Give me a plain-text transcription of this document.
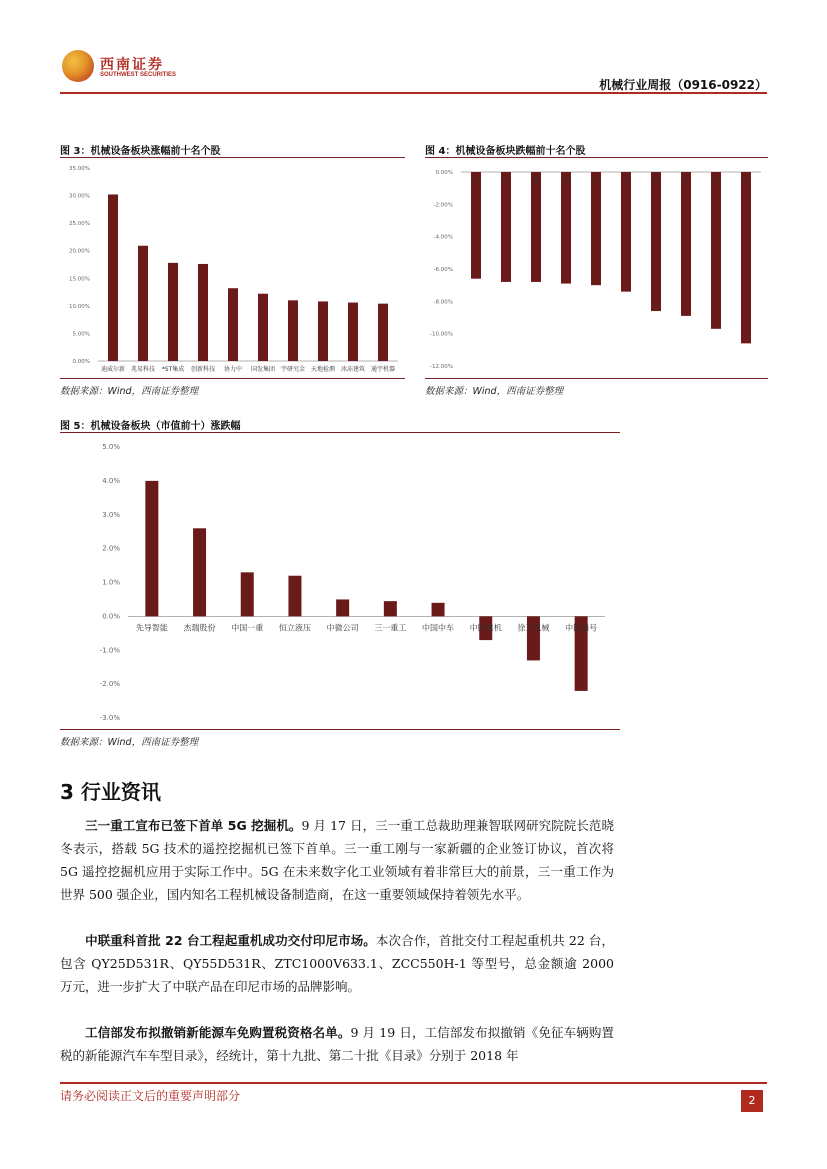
西南证券
SOUTHWEST SECURITIES
机械行业周报（0916-0922）
图 3：机械设备板块涨幅前十名个股
0.00%
5.00%
10.00%
15.00%
20.00%
25.00%
30.00%
35.00%
迪威尔新 兆易科技 *ST集成 创新科技 协力中 国发集团 宇研究金 天地检测 冰冻建筑 通宇机器
数据来源：Wind，西南证券整理
图 4：机械设备板块跌幅前十名个股
0.00%
-2.00%
-4.00%
-6.00%
-8.00%
-10.00%
-12.00%
天	中	科	甲	中	金	万	开	天	天
数据来源：Wind，西南证券整理
图 5：机械设备板块（市值前十）涨跌幅
5.0%
4.0%
3.0%
2.0%
1.0%
0.0%
-1.0%
-2.0%
-3.0%
先导智能 杰瑞股份 中国一重 恒立液压 中微公司 三一重工 中国中车 中国重机 徐工机械 中国通号
数据来源：Wind，西南证券整理
3 行业资讯
三一重工宣布已签下首单 5G 挖掘机。9 月 17 日，三一重工总裁助理兼智联网研究院院长范晓冬表示，搭载 5G 技术的遥控挖掘机已签下首单。三一重工刚与一家新疆的企业签订协议，首次将 5G 遥控挖掘机应用于实际工作中。5G 在未来数字化工业领域有着非常巨大的前景，三一重工作为世界 500 强企业，国内知名工程机械设备制造商，在这一重要领域保持着领先水平。
中联重科首批 22 台工程起重机成功交付印尼市场。本次合作，首批交付工程起重机共 22 台，包含 QY25D531R、QY55D531R、ZTC1000V633.1、ZCC550H-1 等型号，总金额逾 2000 万元，进一步扩大了中联产品在印尼市场的品牌影响。
工信部发布拟撤销新能源车免购置税资格名单。9 月 19 日，工信部发布拟撤销《免征车辆购置税的新能源汽车车型目录》，经统计，第十九批、第二十批《目录》分别于 2018 年
请务必阅读正文后的重要声明部分	2
